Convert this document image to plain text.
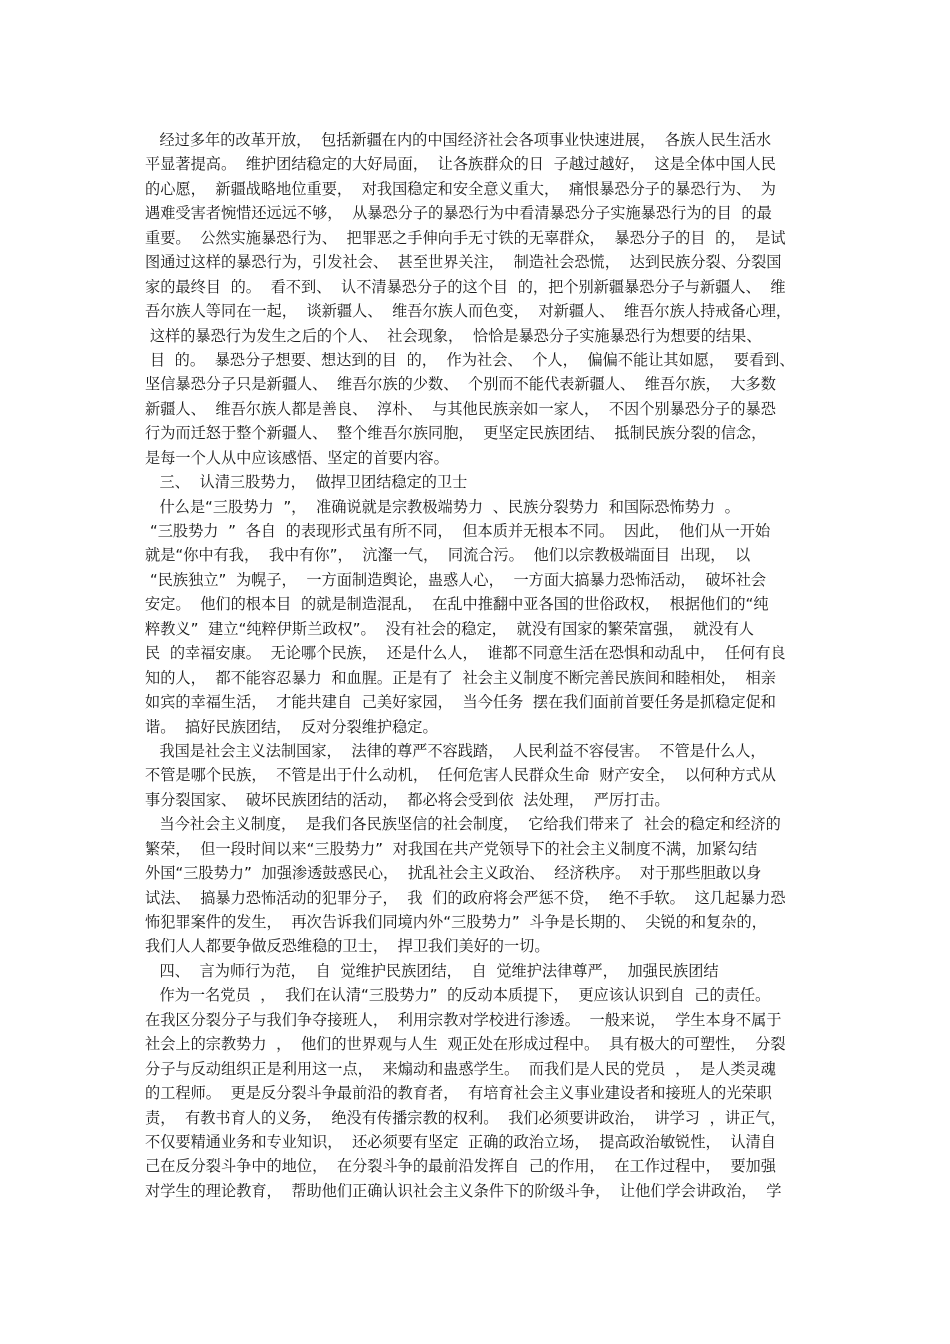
经过多年的改革开放，  包括新疆在内的中国经济社会各项事业快速进展，  各族人民生活水
平显著提高。  维护团结稳定的大好局面，  让各族群众的日  子越过越好，  这是全体中国人民
的心愿，  新疆战略地位重要，  对我国稳定和安全意义重大，  痛恨暴恐分子的暴恐行为、  为
遇难受害者惋惜还远远不够，  从暴恐分子的暴恐行为中看清暴恐分子实施暴恐行为的目  的最
重要。  公然实施暴恐行为、  把罪恶之手伸向手无寸铁的无辜群众，  暴恐分子的目  的，  是试
图通过这样的暴恐行为，引发社会、  甚至世界关注，  制造社会恐慌，  达到民族分裂、分裂国
家的最终目  的。  看不到、  认不清暴恐分子的这个目  的，把个别新疆暴恐分子与新疆人、  维
吾尔族人等同在一起，  谈新疆人、  维吾尔族人而色变，  对新疆人、  维吾尔族人持戒备心理，
这样的暴恐行为发生之后的个人、  社会现象，  恰恰是暴恐分子实施暴恐行为想要的结果、
目  的。  暴恐分子想要、想达到的目  的，  作为社会、  个人，  偏偏不能让其如愿，  要看到、
坚信暴恐分子只是新疆人、  维吾尔族的少数、  个别而不能代表新疆人、  维吾尔族，  大多数
新疆人、  维吾尔族人都是善良、  淳朴、  与其他民族亲如一家人，  不因个别暴恐分子的暴恐
行为而迁怒于整个新疆人、  整个维吾尔族同胞，  更坚定民族团结、  抵制民族分裂的信念，
是每一个人从中应该感悟、坚定的首要内容。
三、  认清三股势力，  做捍卫团结稳定的卫士
什么是“三股势力  ”，  准确说就是宗教极端势力  、民族分裂势力  和国际恐怖势力  。
“三股势力  ”  各自  的表现形式虽有所不同，  但本质并无根本不同。  因此，  他们从一开始
就是“你中有我，  我中有你”，  沆瀣一气，  同流合污。  他们以宗教极端面目  出现，  以
“民族独立”  为幌子，  一方面制造舆论，蛊惑人心，  一方面大搞暴力恐怖活动，  破坏社会
安定。  他们的根本目  的就是制造混乱，  在乱中推翻中亚各国的世俗政权，  根据他们的“纯
粹教义”  建立“纯粹伊斯兰政权”。  没有社会的稳定，  就没有国家的繁荣富强，  就没有人
民  的幸福安康。  无论哪个民族，  还是什么人，  谁都不同意生活在恐惧和动乱中，  任何有良
知的人，  都不能容忍暴力  和血腥。正是有了  社会主义制度不断完善民族间和睦相处，  相亲
如宾的幸福生活，  才能共建自  己美好家园，  当今任务  摆在我们面前首要任务是抓稳定促和
谐。  搞好民族团结，  反对分裂维护稳定。
我国是社会主义法制国家，  法律的尊严不容践踏，  人民利益不容侵害。  不管是什么人，
不管是哪个民族，  不管是出于什么动机，  任何危害人民群众生命  财产安全，  以何种方式从
事分裂国家、  破坏民族团结的活动，  都必将会受到依  法处理，  严厉打击。
当今社会主义制度，  是我们各民族坚信的社会制度，  它给我们带来了  社会的稳定和经济的
繁荣，  但一段时间以来“三股势力”  对我国在共产党领导下的社会主义制度不满，加紧勾结
外国“三股势力”  加强渗透鼓惑民心，  扰乱社会主义政治、  经济秩序。  对于那些胆敢以身
试法、  搞暴力恐怖活动的犯罪分子，  我  们的政府将会严惩不贷，  绝不手软。  这几起暴力恐
怖犯罪案件的发生，  再次告诉我们同境内外“三股势力”  斗争是长期的、  尖锐的和复杂的，
我们人人都要争做反恐维稳的卫士，  捍卫我们美好的一切。
四、  言为师行为范，  自  觉维护民族团结，  自  觉维护法律尊严，  加强民族团结
作为一名党员  ，  我们在认清“三股势力”  的反动本质提下，  更应该认识到自  己的责任。
在我区分裂分子与我们争夺接班人，  利用宗教对学校进行渗透。  一般来说，  学生本身不属于
社会上的宗教势力  ，  他们的世界观与人生  观正处在形成过程中。  具有极大的可塑性，  分裂
分子与反动组织正是利用这一点，  来煽动和蛊惑学生。  而我们是人民的党员  ，  是人类灵魂
的工程师。  更是反分裂斗争最前沿的教育者，  有培育社会主义事业建设者和接班人的光荣职
责，  有教书育人的义务，  绝没有传播宗教的权利。  我们必须要讲政治，  讲学习  ，讲正气，
不仅要精通业务和专业知识，  还必须要有坚定  正确的政治立场，  提高政治敏锐性，  认清自
己在反分裂斗争中的地位，  在分裂斗争的最前沿发挥自  己的作用，  在工作过程中，  要加强
对学生的理论教育，  帮助他们正确认识社会主义条件下的阶级斗争，  让他们学会讲政治，  学
